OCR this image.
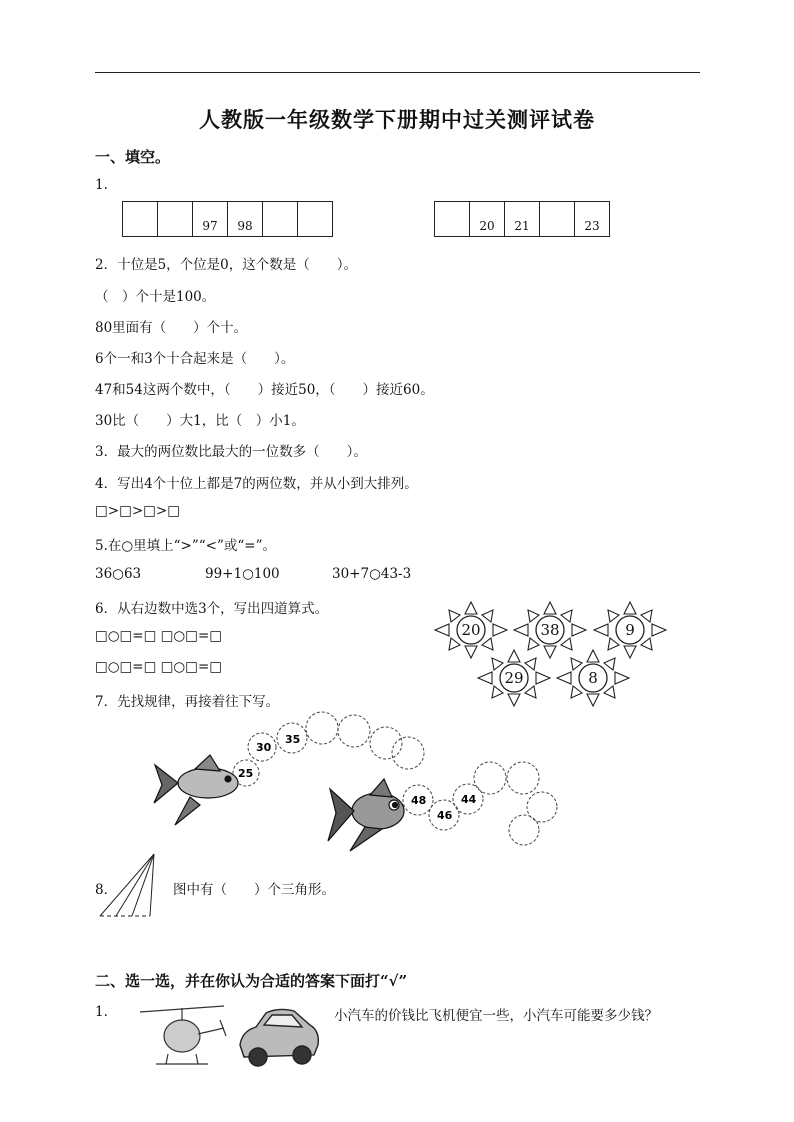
人教版一年级数学下册期中过关测评试卷
一、填空。
1.
		97	98		
		20	21		23
2．十位是5，个位是0，这个数是（　　）。
（　）个十是100。
80里面有（　　）个十。
6个一和3个十合起来是（　　）。
47和54这两个数中，（　　）接近50，（　　）接近60。
30比（　　）大1，比（　）小1。
3．最大的两位数比最大的一位数多（　　）。
4．写出4个十位上都是7的两位数，并从小到大排列。
□>□>□>□
5.在○里填上“>”“<”或“=”。
36○63	99+1○100	30+7○43-3
6．从右边数中选3个，写出四道算式。
□○□=□ □○□=□
□○□=□ □○□=□
20	38	9
29	8
7．先找规律，再接着往下写。
25
30
35
48
46
44
8．	图中有（　　）个三角形。
二、选一选，并在你认为合适的答案下面打“√”
1.	小汽车的价钱比飞机便宜一些，小汽车可能要多少钱？
